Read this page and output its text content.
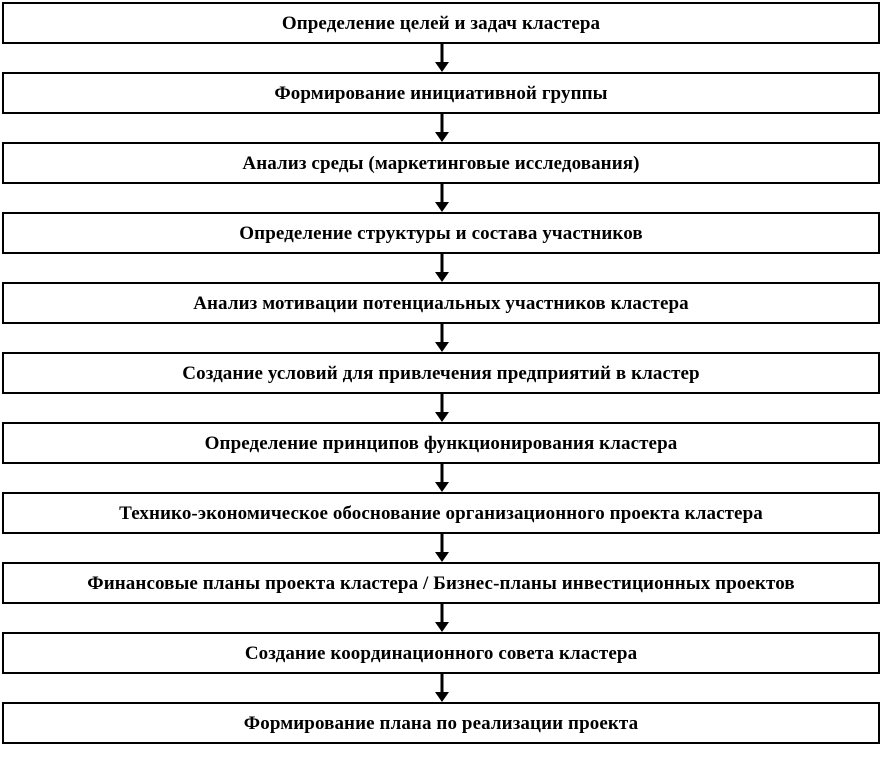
Определение целей и задач кластера
Формирование инициативной группы
Анализ среды (маркетинговые исследования)
Определение структуры и состава участников
Анализ мотивации потенциальных участников кластера
Создание условий для привлечения предприятий в кластер
Определение принципов функционирования кластера
Технико-экономическое обоснование организационного проекта кластера
Финансовые планы проекта кластера / Бизнес-планы инвестиционных проектов
Создание координационного совета кластера
Формирование плана по реализации проекта
